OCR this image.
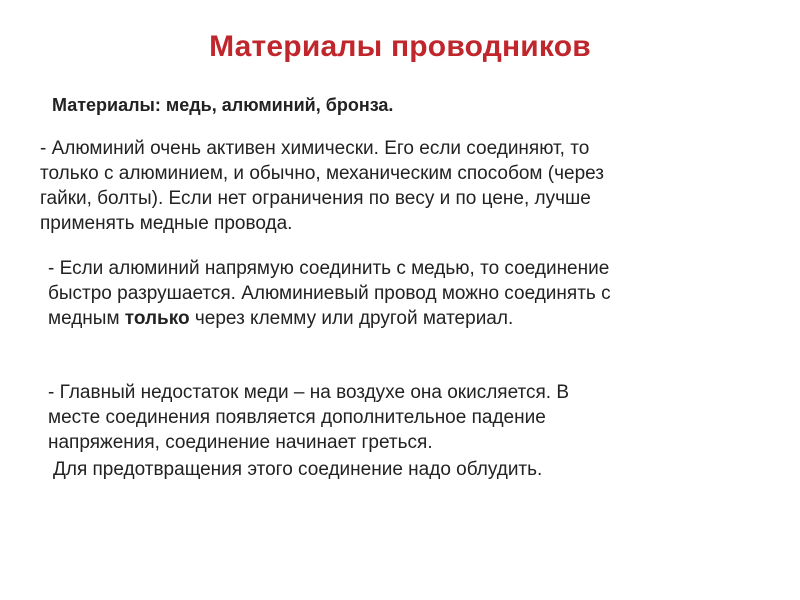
Материалы проводников
Материалы: медь, алюминий, бронза.
- Алюминий очень активен химически. Его если соединяют, то
только с алюминием, и обычно, механическим способом (через
гайки, болты). Если нет ограничения по весу и по цене, лучше
применять медные провода.
- Если алюминий напрямую соединить с медью, то соединение
быстро разрушается. Алюминиевый провод можно соединять с
медным только через клемму или другой материал.
- Главный недостаток меди – на воздухе она окисляется. В
месте соединения появляется дополнительное падение
напряжения, соединение начинает греться.
Для предотвращения этого соединение надо облудить.
